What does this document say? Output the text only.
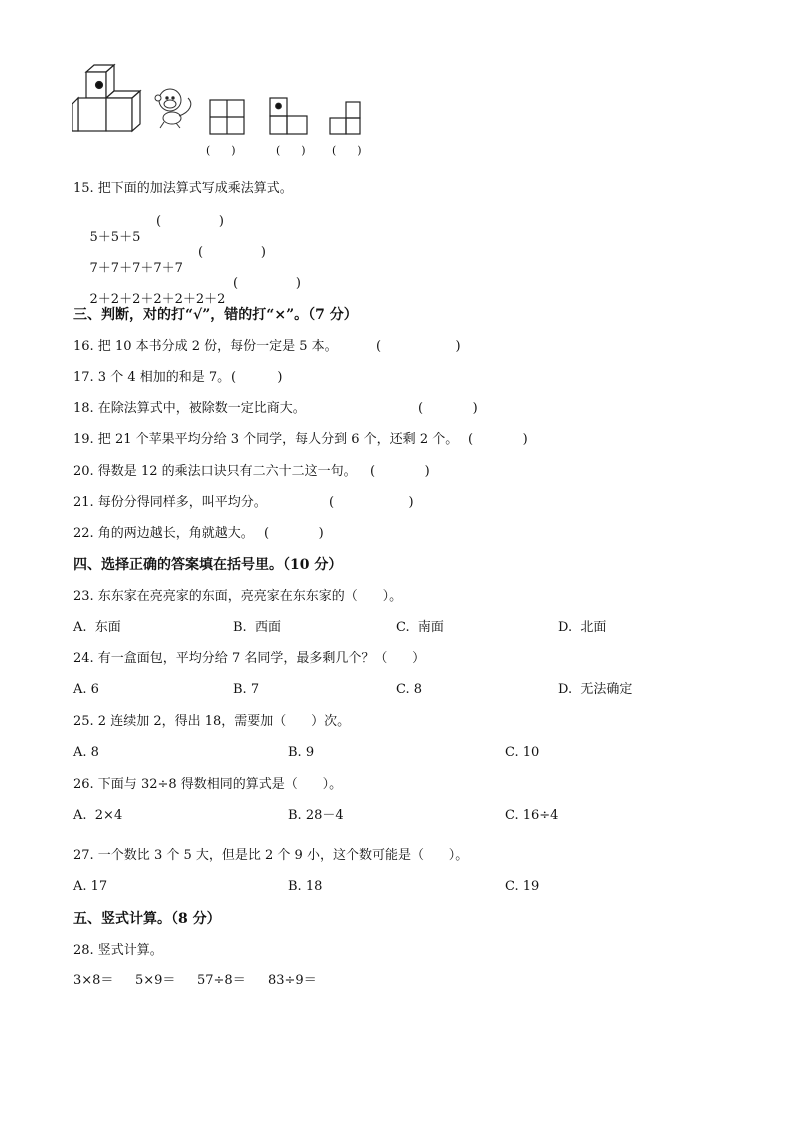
(      )	(      ) (      )
15. 把下面的加法算式写成乘法算式。

5＋5＋5

(              )

7＋7＋7＋7＋7

(              )

2＋2＋2＋2＋2＋2＋2

(              )
三、判断，对的打“√”，错的打“×”。（7 分）
16. 把 10 本书分成 2 份，每份一定是 5 本。	(                  )
17. 3 个 4 相加的和是 7。 (          )
18. 在除法算式中，被除数一定比商大。	(            )
19. 把 21 个苹果平均分给 3 个同学，每人分到 6 个，还剩 2 个。 (            )
20. 得数是 12 的乘法口诀只有二六十二这一句。 (            )
21. 每份分得同样多，叫平均分。	(                  )
22. 角的两边越长，角就越大。 (            )
四、选择正确的答案填在括号里。（10 分）
23. 东东家在亮亮家的东面，亮亮家在东东家的（      ）。
A.  东面	B.  西面	C.  南面	D.  北面
24. 有一盒面包，平均分给 7 名同学，最多剩几个？（      ）
A. 6	B. 7	C. 8	D.  无法确定
25. 2 连续加 2，得出 18，需要加（      ）次。
A. 8	B. 9	C. 10
26. 下面与 32÷8 得数相同的算式是（      ）。
A.  2×4	B. 28－4	C. 16÷4
27. 一个数比 3 个 5 大，但是比 2 个 9 小，这个数可能是（      ）。
A. 17	B. 18	C. 19
五、竖式计算。（8 分）
28. 竖式计算。
3×8＝ 5×9＝ 57÷8＝ 83÷9＝
